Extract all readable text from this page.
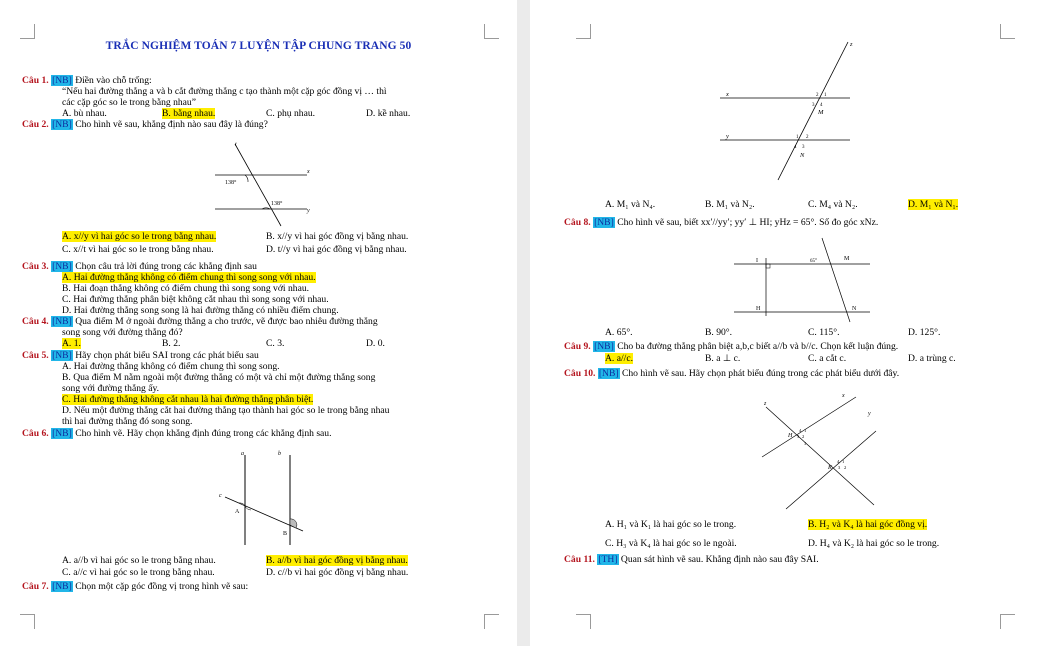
TRẮC NGHIỆM TOÁN 7 LUYỆN TẬP CHUNG TRANG 50
Câu 1. [NB] Điền vào chỗ trống:
“Nếu hai đường thẳng a và b cắt đường thẳng c tạo thành một cặp góc đồng vị … thì
các cặp góc so le trong bằng nhau”
A. bù nhau.	B. bằng nhau.	C. phụ nhau.	D. kề nhau.
Câu 2. [NB] Cho hình vẽ sau, khẳng định nào sau đây là đúng?
138°
138°
x
y
t
A. x//y vì hai góc so le trong bằng nhau.	B. x//y vì hai góc đồng vị bằng nhau.
C. x//t vì hai góc so le trong bằng nhau.	D. t//y vì hai góc đồng vị bằng nhau.
Câu 3. [NB] Chọn câu trả lời đúng trong các khẳng định sau
A. Hai đường thẳng không có điểm chung thì song song với nhau.
B. Hai đoạn thẳng không có điểm chung thì song song với nhau.
C. Hai đường thẳng phân biệt không cắt nhau thì song song với nhau.
D. Hai đường thẳng song song là hai đường thẳng có nhiều điểm chung.
Câu 4. [NB] Qua điểm M ở ngoài đường thẳng a cho trước, vẽ được bao nhiêu đường thẳng
song song với đường thẳng đó?
A. 1.	B. 2.	C. 3.	D. 0.
Câu 5. [NB] Hãy chọn phát biểu SAI trong các phát biểu sau
A. Hai đường thẳng không có điểm chung thì song song.
B. Qua điểm M nằm ngoài một đường thẳng có một và chỉ một đường thẳng song
song với đường thẳng ấy.
C. Hai đường thẳng không cắt nhau là hai đường thẳng phân biệt.
D. Nếu một đường thẳng cắt hai đường thẳng tạo thành hai góc so le trong bằng nhau
thì hai đường thẳng đó song song.
Câu 6. [NB] Cho hình vẽ. Hãy chọn khẳng định đúng trong các khẳng định sau.
a	b
c
A
B
A. a//b vì hai góc so le trong bằng nhau.	B. a//b vì hai góc đồng vị bằng nhau.
C. a//c vì hai góc so le trong bằng nhau.	D. c//b vì hai góc đồng vị bằng nhau.
Câu 7. [NB] Chọn một cặp góc đồng vị trong hình vẽ sau:
z
x
y
M
N
2 1
3 4
1 2
4 3
A. M₁ và N₄.	B. M₁ và N₂.	C. M₄ và N₂.	D. M₁ và N₁.
Câu 8. [NB] Cho hình vẽ sau, biết xx′//yy′; yy′ ⊥ HI; yHz = 65°. Số đo góc xNz.
I	M
65°
H	N
A. 65°.	B. 90°.	C. 115°.	D. 125°.
Câu 9. [NB] Cho ba đường thẳng phân biệt a,b,c biết a//b và b//c. Chọn kết luận đúng.
A. a//c.	B. a ⊥ c.	C. a cắt c.	D. a trùng c.
Câu 10. [NB] Cho hình vẽ sau. Hãy chọn phát biểu đúng trong các phát biểu dưới đây.
z
x
y
H
K
4 1
3 2
3
4 1
3 2
A. H₁ và K₁ là hai góc so le trong.	B. H₂ và K₄ là hai góc đồng vị.
C. H₃ và K₄ là hai góc so le ngoài.	D. H₄ và K₂ là hai góc so le trong.
Câu 11. [TH] Quan sát hình vẽ sau. Khẳng định nào sau đây SAI.
